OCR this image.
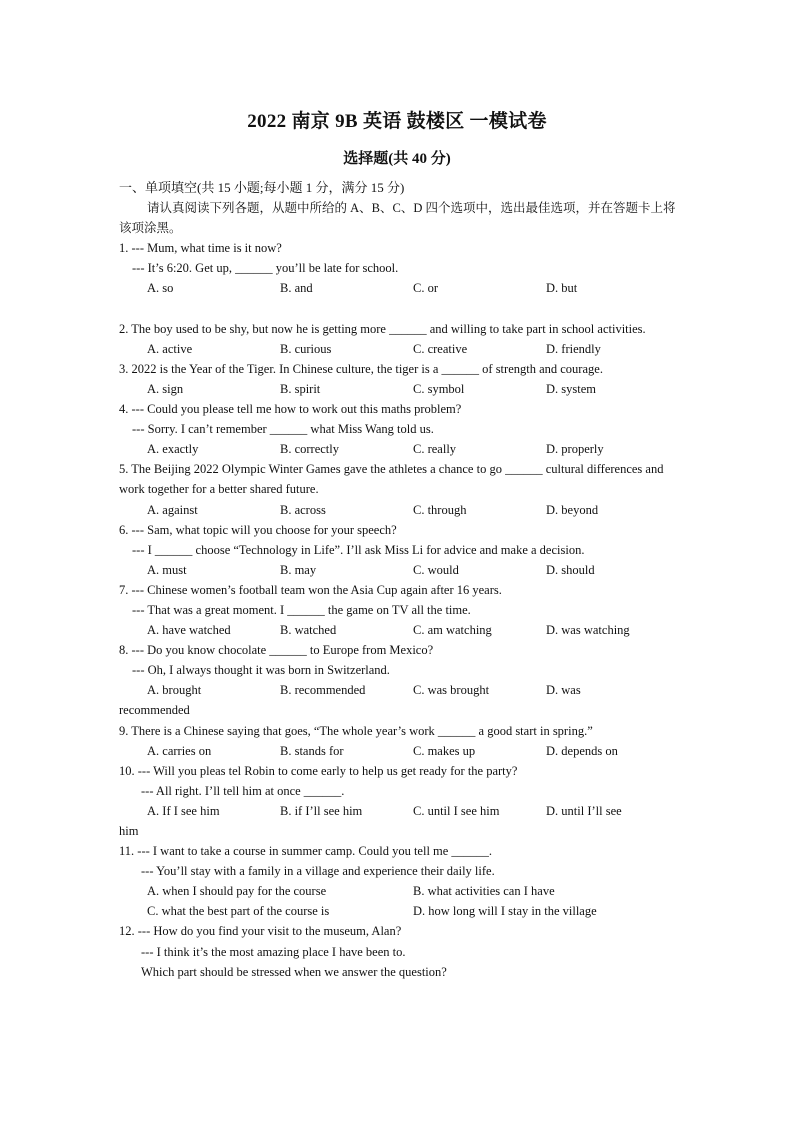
2022 南京 9B 英语 鼓楼区 一模试卷
选择题(共 40 分)
一、单项填空(共 15 小题;每小题 1 分，满分 15 分)
请认真阅读下列各题，从题中所给的 A、B、C、D 四个选项中，选出最佳选项，并在答题卡上将该项涂黑。
1. --- Mum, what time is it now?
--- It’s 6:20. Get up, ______ you’ll be late for school.
A. so	B. and	C. or	D. but
2. The boy used to be shy, but now he is getting more ______ and willing to take part in school activities.
A. active	B. curious	C. creative	D. friendly
3. 2022 is the Year of the Tiger. In Chinese culture, the tiger is a ______ of strength and courage.
A. sign	B. spirit	C. symbol	D. system
4. --- Could you please tell me how to work out this maths problem?
--- Sorry. I can’t remember ______ what Miss Wang told us.
A. exactly	B. correctly	C. really	D. properly
5. The Beijing 2022 Olympic Winter Games gave the athletes a chance to go ______ cultural differences and work together for a better shared future.
A. against	B. across	C. through	D. beyond
6. --- Sam, what topic will you choose for your speech?
--- I ______ choose “Technology in Life”. I’ll ask Miss Li for advice and make a decision.
A. must	B. may	C. would	D. should
7. --- Chinese women’s football team won the Asia Cup again after 16 years.
--- That was a great moment. I ______ the game on TV all the time.
A. have watched	B. watched	C. am watching	D. was watching
8. --- Do you know chocolate ______ to Europe from Mexico?
--- Oh, I always thought it was born in Switzerland.
A. brought	B. recommended	C. was brought	D. was
recommended
9. There is a Chinese saying that goes, “The whole year’s work ______ a good start in spring.”
A. carries on	B. stands for	C. makes up	D. depends on
10. --- Will you pleas tel Robin to come early to help us get ready for the party?
--- All right. I’ll tell him at once ______.
A. If I see him	B. if I’ll see him	C. until I see him	D. until I’ll see
him
11. --- I want to take a course in summer camp. Could you tell me ______.
--- You’ll stay with a family in a village and experience their daily life.
A. when I should pay for the course	B. what activities can I have
C. what the best part of the course is	D. how long will I stay in the village
12. --- How do you find your visit to the museum, Alan?
--- I think it’s the most amazing place I have been to.
Which part should be stressed when we answer the question?
